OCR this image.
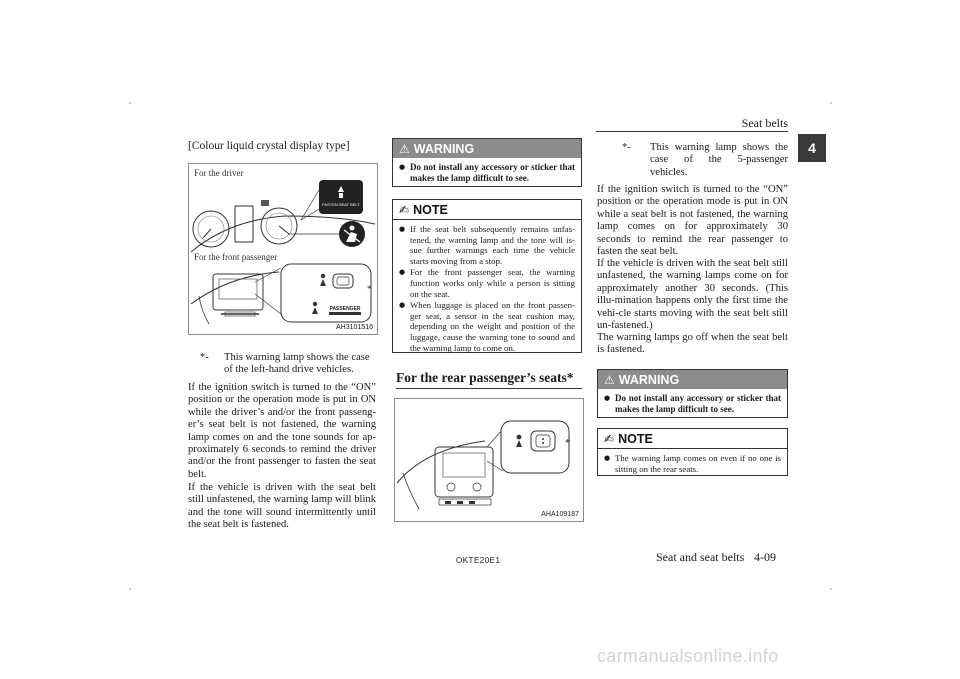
Seat belts
4
[Colour liquid crystal display type]
For the driver
FASTEN SEAT BELT
PASSENGER
*
For the front passenger
AH3101516
*- This warning lamp shows the case of the left-hand drive vehicles.
If the ignition switch is turned to the “ON” position or the operation mode is put in ON while the driver’s and/or the front passeng-er’s seat belt is not fastened, the warning lamp comes on and the tone sounds for ap-proximately 6 seconds to remind the driver and/or the front passenger to fasten the seat belt.
If the vehicle is driven with the seat belt still unfastened, the warning lamp will blink and the tone will sound intermittently until the seat belt is fastened.
⚠ WARNING
● Do not install any accessory or sticker that makes the lamp difficult to see.
✍ NOTE
● If the seat belt subsequently remains unfas-tened, the warning lamp and the tone will is-sue further warnings each time the vehicle starts moving from a stop.
● For the front passenger seat, the warning function works only while a person is sitting on the seat.
● When luggage is placed on the front passen-ger seat, a sensor in the seat cushion may, depending on the weight and position of the luggage, cause the warning tone to sound and the warning lamp to come on.
For the rear passenger’s seats*
*
AHA109187
*- This warning lamp shows the case of the 5-passenger vehicles.
If the ignition switch is turned to the “ON” position or the operation mode is put in ON while a seat belt is not fastened, the warning lamp comes on for approximately 30 seconds to remind the rear passenger to fasten the seat belt.
If the vehicle is driven with the seat belt still unfastened, the warning lamps come on for approximately another 30 seconds. (This illu-mination happens only the first time the vehi-cle starts moving with the seat belt still un-fastened.)
The warning lamps go off when the seat belt is fastened.
⚠ WARNING
● Do not install any accessory or sticker that makes the lamp difficult to see.
✍ NOTE
● The warning lamp comes on even if no one is sitting on the rear seats.
OKTE20E1	Seat and seat belts 4-09
carmanualsonline.info
